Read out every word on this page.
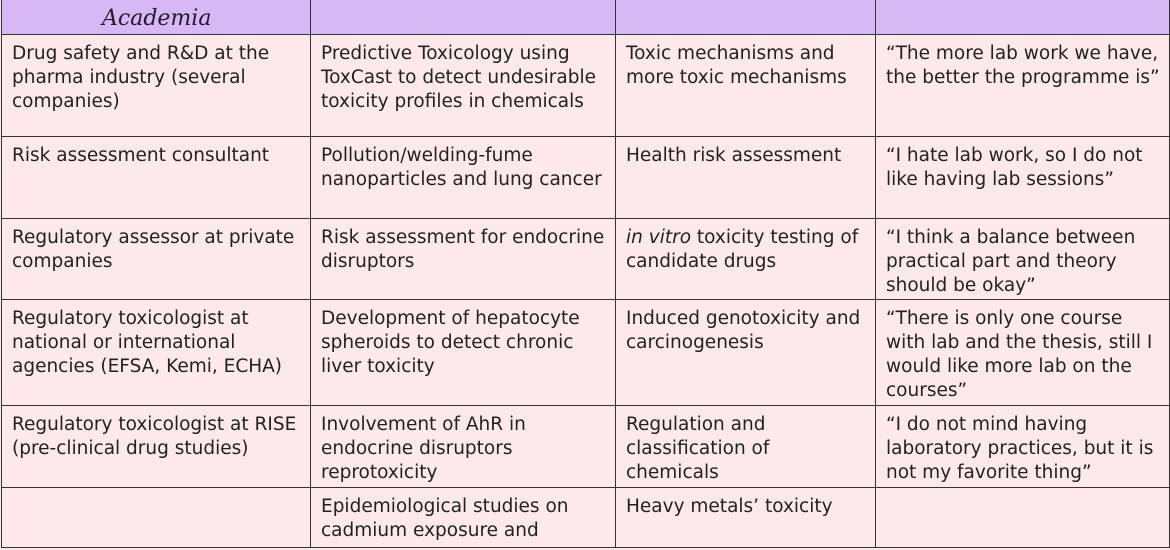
Academia			

Drug safety and R&D at the pharma industry (several companies)	Predictive Toxicology using ToxCast to detect undesirable toxicity profiles in chemicals	Toxic mechanisms and more toxic mechanisms	“The more lab work we have, the better the programme is”
Risk assessment consultant	Pollution/welding-fume nanoparticles and lung cancer	Health risk assessment	“I hate lab work, so I do not like having lab sessions”
Regulatory assessor at private companies	Risk assessment for endocrine disruptors	in vitro toxicity testing of candidate drugs	“I think a balance between practical part and theory should be okay”
Regulatory toxicologist at national or international agencies (EFSA, Kemi, ECHA)	Development of hepatocyte spheroids to detect chronic liver toxicity	Induced genotoxicity and carcinogenesis	“There is only one course with lab and the thesis, still I would like more lab on the courses”
Regulatory toxicologist at RISE (pre-clinical drug studies)	Involvement of AhR in endocrine disruptors reprotoxicity	Regulation and classification of chemicals	“I do not mind having laboratory practices, but it is not my favorite thing”
	Epidemiological studies on cadmium exposure and	Heavy metals’ toxicity	
